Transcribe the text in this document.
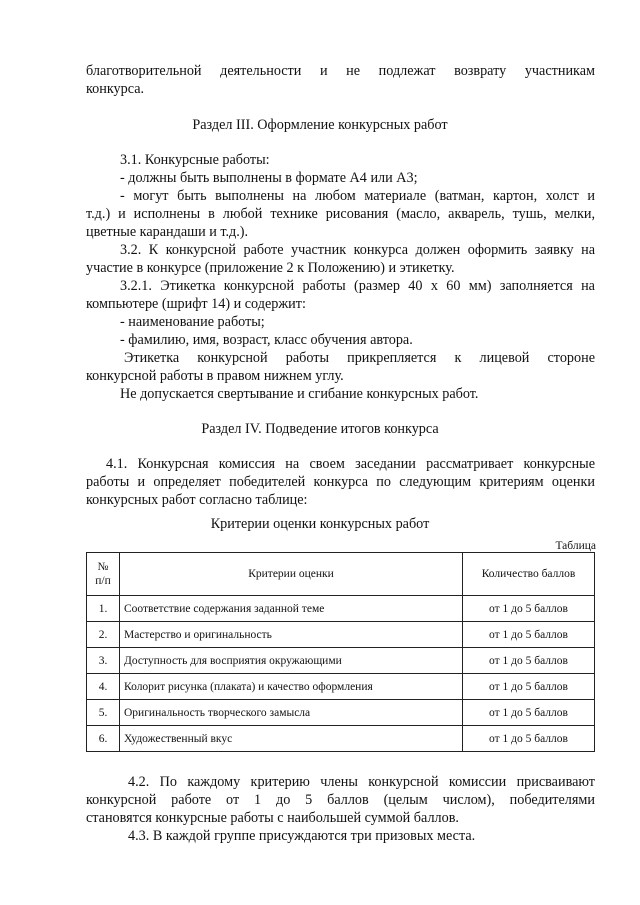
благотворительной деятельности и не подлежат возврату участникам

конкурса.

Раздел III. Оформление конкурсных работ

3.1. Конкурсные работы:

- должны быть выполнены в формате А4 или А3;

- могут быть выполнены на любом материале (ватман, картон, холст и

т.д.) и исполнены в любой технике рисования (масло, акварель, тушь, мелки,

цветные карандаши и т.д.).

3.2. К конкурсной работе участник конкурса должен оформить заявку на

участие в конкурсе (приложение 2 к Положению) и этикетку.

3.2.1. Этикетка конкурсной работы (размер 40 х 60 мм) заполняется на

компьютере (шрифт 14) и содержит:

- наименование работы;

- фамилию, имя, возраст, класс обучения автора.

Этикетка конкурсной работы прикрепляется к лицевой стороне

конкурсной работы в правом нижнем углу.

Не допускается свертывание и сгибание конкурсных работ.

Раздел IV. Подведение итогов конкурса

4.1. Конкурсная комиссия на своем заседании рассматривает конкурсные

работы и определяет победителей конкурса по следующим критериям оценки

конкурсных работ согласно таблице:

Критерии оценки конкурсных работ

Таблица
№
п/п	Критерии оценки	Количество баллов
1.	Соответствие содержания заданной теме	от 1 до 5 баллов
2.	Мастерство и оригинальность	от 1 до 5 баллов
3.	Доступность для восприятия окружающими	от 1 до 5 баллов
4.	Колорит рисунка (плаката) и качество оформления	от 1 до 5 баллов
5.	Оригинальность творческого замысла	от 1 до 5 баллов
6.	Художественный вкус	от 1 до 5 баллов

4.2. По каждому критерию члены конкурсной комиссии присваивают

конкурсной работе от 1 до 5 баллов (целым числом), победителями

становятся конкурсные работы с наибольшей суммой баллов.

4.3. В каждой группе присуждаются три призовых места.
